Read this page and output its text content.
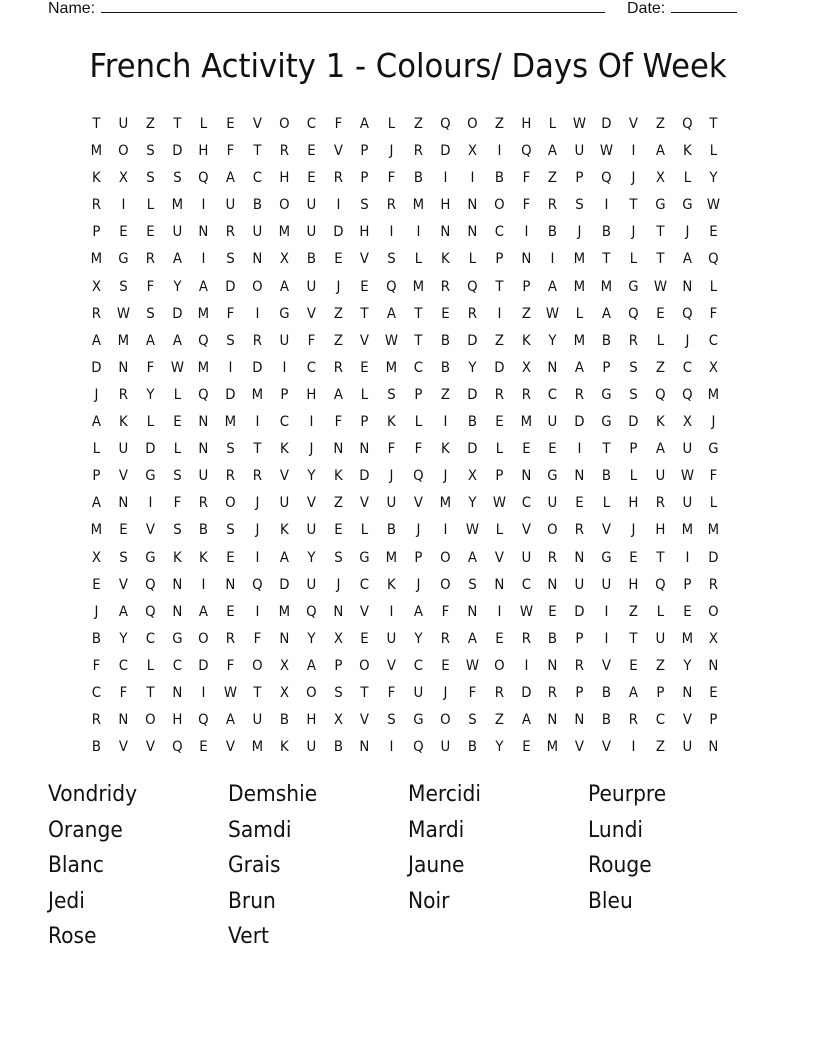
Name:	Date:
French Activity 1 - Colours/ Days Of Week
T	U	Z	T	L	E	V	O	C	F	A	L	Z	Q	O	Z	H	L	W	D	V	Z	Q	T
M	O	S	D	H	F	T	R	E	V	P	J	R	D	X	I	Q	A	U	W	I	A	K	L
K	X	S	S	Q	A	C	H	E	R	P	F	B	I	I	B	F	Z	P	Q	J	X	L	Y
R	I	L	M	I	U	B	O	U	I	S	R	M	H	N	O	F	R	S	I	T	G	G	W
P	E	E	U	N	R	U	M	U	D	H	I	I	N	N	C	I	B	J	B	J	T	J	E
M	G	R	A	I	S	N	X	B	E	V	S	L	K	L	P	N	I	M	T	L	T	A	Q
X	S	F	Y	A	D	O	A	U	J	E	Q	M	R	Q	T	P	A	M	M	G	W	N	L
R	W	S	D	M	F	I	G	V	Z	T	A	T	E	R	I	Z	W	L	A	Q	E	Q	F
A	M	A	A	Q	S	R	U	F	Z	V	W	T	B	D	Z	K	Y	M	B	R	L	J	C
D	N	F	W	M	I	D	I	C	R	E	M	C	B	Y	D	X	N	A	P	S	Z	C	X
J	R	Y	L	Q	D	M	P	H	A	L	S	P	Z	D	R	R	C	R	G	S	Q	Q	M
A	K	L	E	N	M	I	C	I	F	P	K	L	I	B	E	M	U	D	G	D	K	X	J
L	U	D	L	N	S	T	K	J	N	N	F	F	K	D	L	E	E	I	T	P	A	U	G
P	V	G	S	U	R	R	V	Y	K	D	J	Q	J	X	P	N	G	N	B	L	U	W	F
A	N	I	F	R	O	J	U	V	Z	V	U	V	M	Y	W	C	U	E	L	H	R	U	L
M	E	V	S	B	S	J	K	U	E	L	B	J	I	W	L	V	O	R	V	J	H	M	M
X	S	G	K	K	E	I	A	Y	S	G	M	P	O	A	V	U	R	N	G	E	T	I	D
E	V	Q	N	I	N	Q	D	U	J	C	K	J	O	S	N	C	N	U	U	H	Q	P	R
J	A	Q	N	A	E	I	M	Q	N	V	I	A	F	N	I	W	E	D	I	Z	L	E	O
B	Y	C	G	O	R	F	N	Y	X	E	U	Y	R	A	E	R	B	P	I	T	U	M	X
F	C	L	C	D	F	O	X	A	P	O	V	C	E	W	O	I	N	R	V	E	Z	Y	N
C	F	T	N	I	W	T	X	O	S	T	F	U	J	F	R	D	R	P	B	A	P	N	E
R	N	O	H	Q	A	U	B	H	X	V	S	G	O	S	Z	A	N	N	B	R	C	V	P
B	V	V	Q	E	V	M	K	U	B	N	I	Q	U	B	Y	E	M	V	V	I	Z	U	N
Vondridy	Demshie	Mercidi	Peurpre
Orange	Samdi	Mardi	Lundi
Blanc	Grais	Jaune	Rouge
Jedi	Brun	Noir	Bleu
Rose	Vert
